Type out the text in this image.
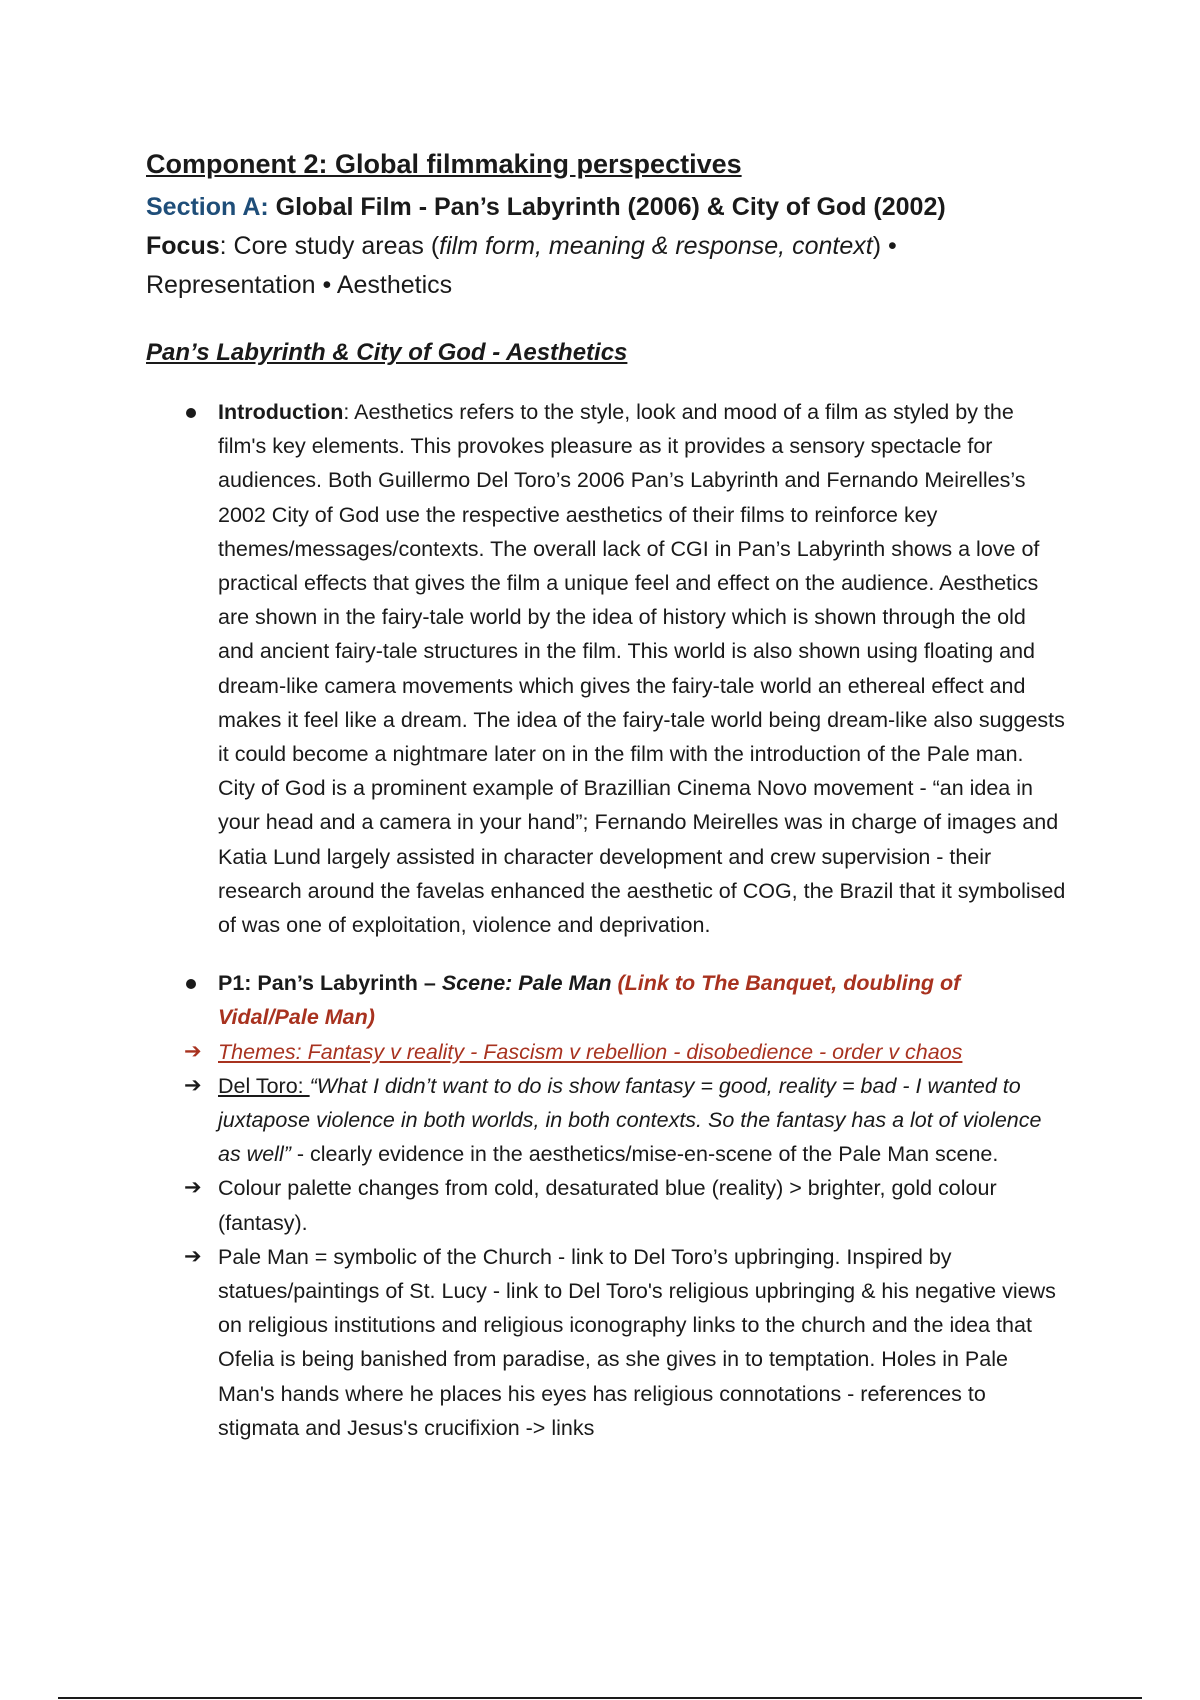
Component 2: Global filmmaking perspectives
Section A: Global Film - Pan’s Labyrinth (2006) & City of God (2002)
Focus: Core study areas (film form, meaning & response, context) •
Representation • Aesthetics
Pan’s Labyrinth & City of God - Aesthetics
Introduction: Aesthetics refers to the style, look and mood of a film as styled by the film's key elements. This provokes pleasure as it provides a sensory spectacle for audiences. Both Guillermo Del Toro’s 2006 Pan’s Labyrinth and Fernando Meirelles’s 2002 City of God use the respective aesthetics of their films to reinforce key themes/messages/contexts. The overall lack of CGI in Pan’s Labyrinth shows a love of practical effects that gives the film a unique feel and effect on the audience. Aesthetics are shown in the fairy-tale world by the idea of history which is shown through the old and ancient fairy-tale structures in the film. This world is also shown using floating and dream-like camera movements which gives the fairy-tale world an ethereal effect and makes it feel like a dream. The idea of the fairy-tale world being dream-like also suggests it could become a nightmare later on in the film with the introduction of the Pale man. City of God is a prominent example of Brazillian Cinema Novo movement - “an idea in your head and a camera in your hand”; Fernando Meirelles was in charge of images and Katia Lund largely assisted in character development and crew supervision - their research around the favelas enhanced the aesthetic of COG, the Brazil that it symbolised of was one of exploitation, violence and deprivation.
P1: Pan’s Labyrinth – Scene: Pale Man (Link to The Banquet, doubling of Vidal/Pale Man)
➔ Themes: Fantasy v reality - Fascism v rebellion - disobedience - order v chaos
➔ Del Toro: “What I didn’t want to do is show fantasy = good, reality = bad - I wanted to juxtapose violence in both worlds, in both contexts. So the fantasy has a lot of violence as well” - clearly evidence in the aesthetics/mise-en-scene of the Pale Man scene.
➔ Colour palette changes from cold, desaturated blue (reality) > brighter, gold colour (fantasy).
➔ Pale Man = symbolic of the Church - link to Del Toro’s upbringing. Inspired by statues/paintings of St. Lucy - link to Del Toro's religious upbringing & his negative views on religious institutions and religious iconography links to the church and the idea that Ofelia is being banished from paradise, as she gives in to temptation. Holes in Pale Man's hands where he places his eyes has religious connotations - references to stigmata and Jesus's crucifixion -> links
